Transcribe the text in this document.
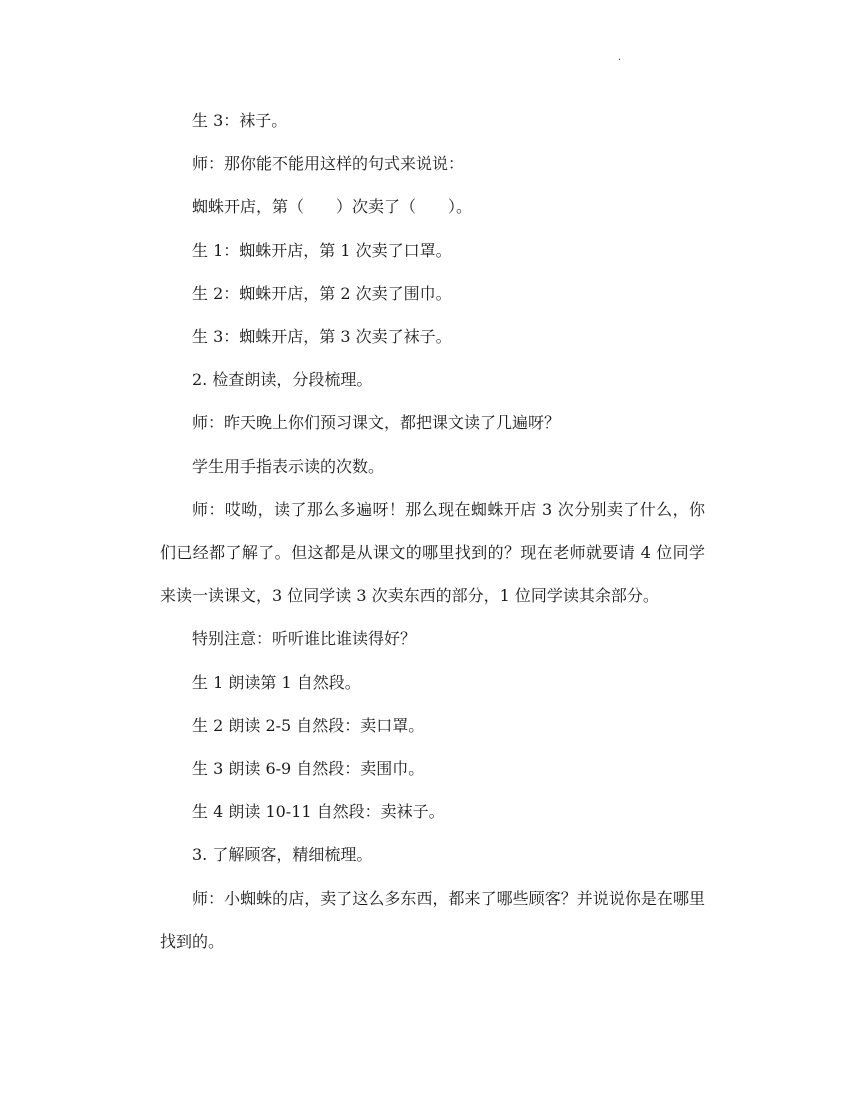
.

生 3：袜子。

师：那你能不能用这样的句式来说说：

蜘蛛开店，第（　　）次卖了（　　）。

生 1：蜘蛛开店，第 1 次卖了口罩。

生 2：蜘蛛开店，第 2 次卖了围巾。

生 3：蜘蛛开店，第 3 次卖了袜子。

2. 检查朗读，分段梳理。

师：昨天晚上你们预习课文，都把课文读了几遍呀？

学生用手指表示读的次数。

师：哎呦，读了那么多遍呀！那么现在蜘蛛开店 3 次分别卖了什么，你们已经都了解了。但这都是从课文的哪里找到的？现在老师就要请 4 位同学来读一读课文，3 位同学读 3 次卖东西的部分，1 位同学读其余部分。

特别注意：听听谁比谁读得好？

生 1 朗读第 1 自然段。

生 2 朗读 2-5 自然段：卖口罩。

生 3 朗读 6-9 自然段：卖围巾。

生 4 朗读 10-11 自然段：卖袜子。

3. 了解顾客，精细梳理。

师：小蜘蛛的店，卖了这么多东西，都来了哪些顾客？并说说你是在哪里找到的。
